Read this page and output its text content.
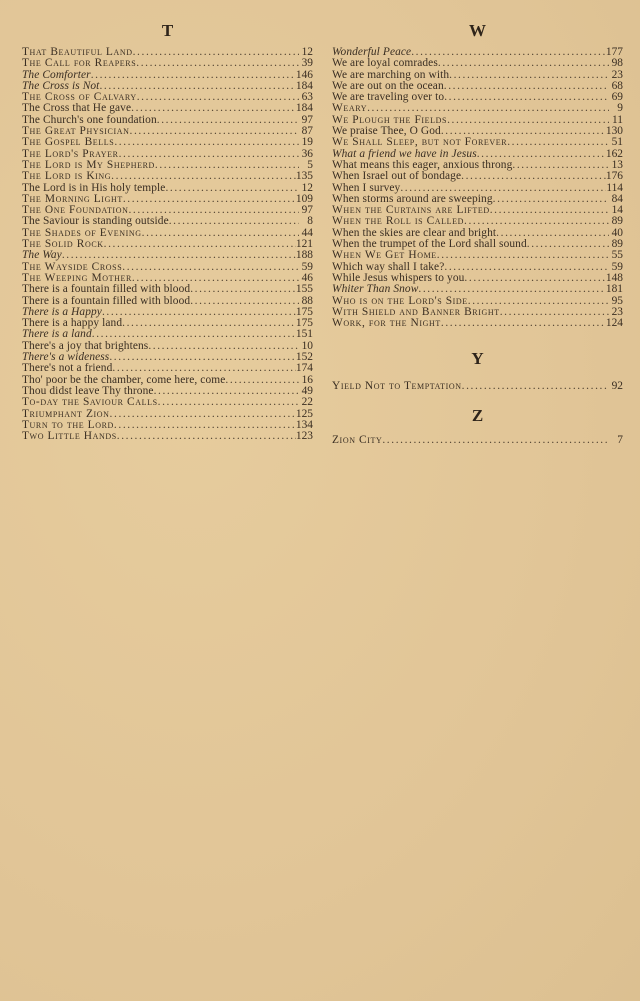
T
That Beautiful Land .....	12
The Call for Reapers .....	39
The Comforter .....	146
The Cross is Not .....	184
The Cross of Calvary .....	63
The Cross that He gave .....	184
The Church's one foundation .....	97
The Great Physician .....	87
The Gospel Bells .....	19
The Lord's Prayer .....	36
The Lord is My Shepherd .....	5
The Lord is King .....	135
The Lord is in His holy temple .....	12
The Morning Light .....	109
The One Foundation .....	97
The Saviour is standing outside .....	8
The Shades of Evening .....	44
The Solid Rock .....	121
The Way .....	188
The Wayside Cross .....	59
The Weeping Mother .....	46
There is a fountain filled with blood .....	155
There is a fountain filled with blood .....	88
There is a Happy .....	175
There is a happy land .....	175
There is a land .....	151
There's a joy that brightens .....	10
There's a wideness .....	152
There's not a friend .....	174
Tho' poor be the chamber, come here, come .....	16
Thou didst leave Thy throne .....	49
To-day the Saviour Calls .....	22
Triumphant Zion .....	125
Turn to the Lord .....	134
Two Little Hands .....	123
W
Wonderful Peace .....	177
We are loyal comrades .....	98
We are marching on with .....	23
We are out on the ocean .....	68
We are traveling over to .....	69
Weary .....	9
We Plough the Fields .....	11
We praise Thee, O God .....	130
We Shall Sleep, but not Forever .....	51
What a friend we have in Jesus .....	162
What means this eager, anxious throng .....	13
When Israel out of bondage .....	176
When I survey .....	114
When storms around are sweeping .....	84
When the Curtains are Lifted .....	14
When the Roll is Called .....	89
When the skies are clear and bright .....	40
When the trumpet of the Lord shall sound .....	89
When We Get Home .....	55
Which way shall I take? .....	59
While Jesus whispers to you .....	148
Whiter Than Snow .....	181
Who is on the Lord's Side .....	95
With Shield and Banner Bright .....	23
Work, for the Night .....	124
Y
Yield Not to Temptation .....	92
Z
Zion City .....	7
